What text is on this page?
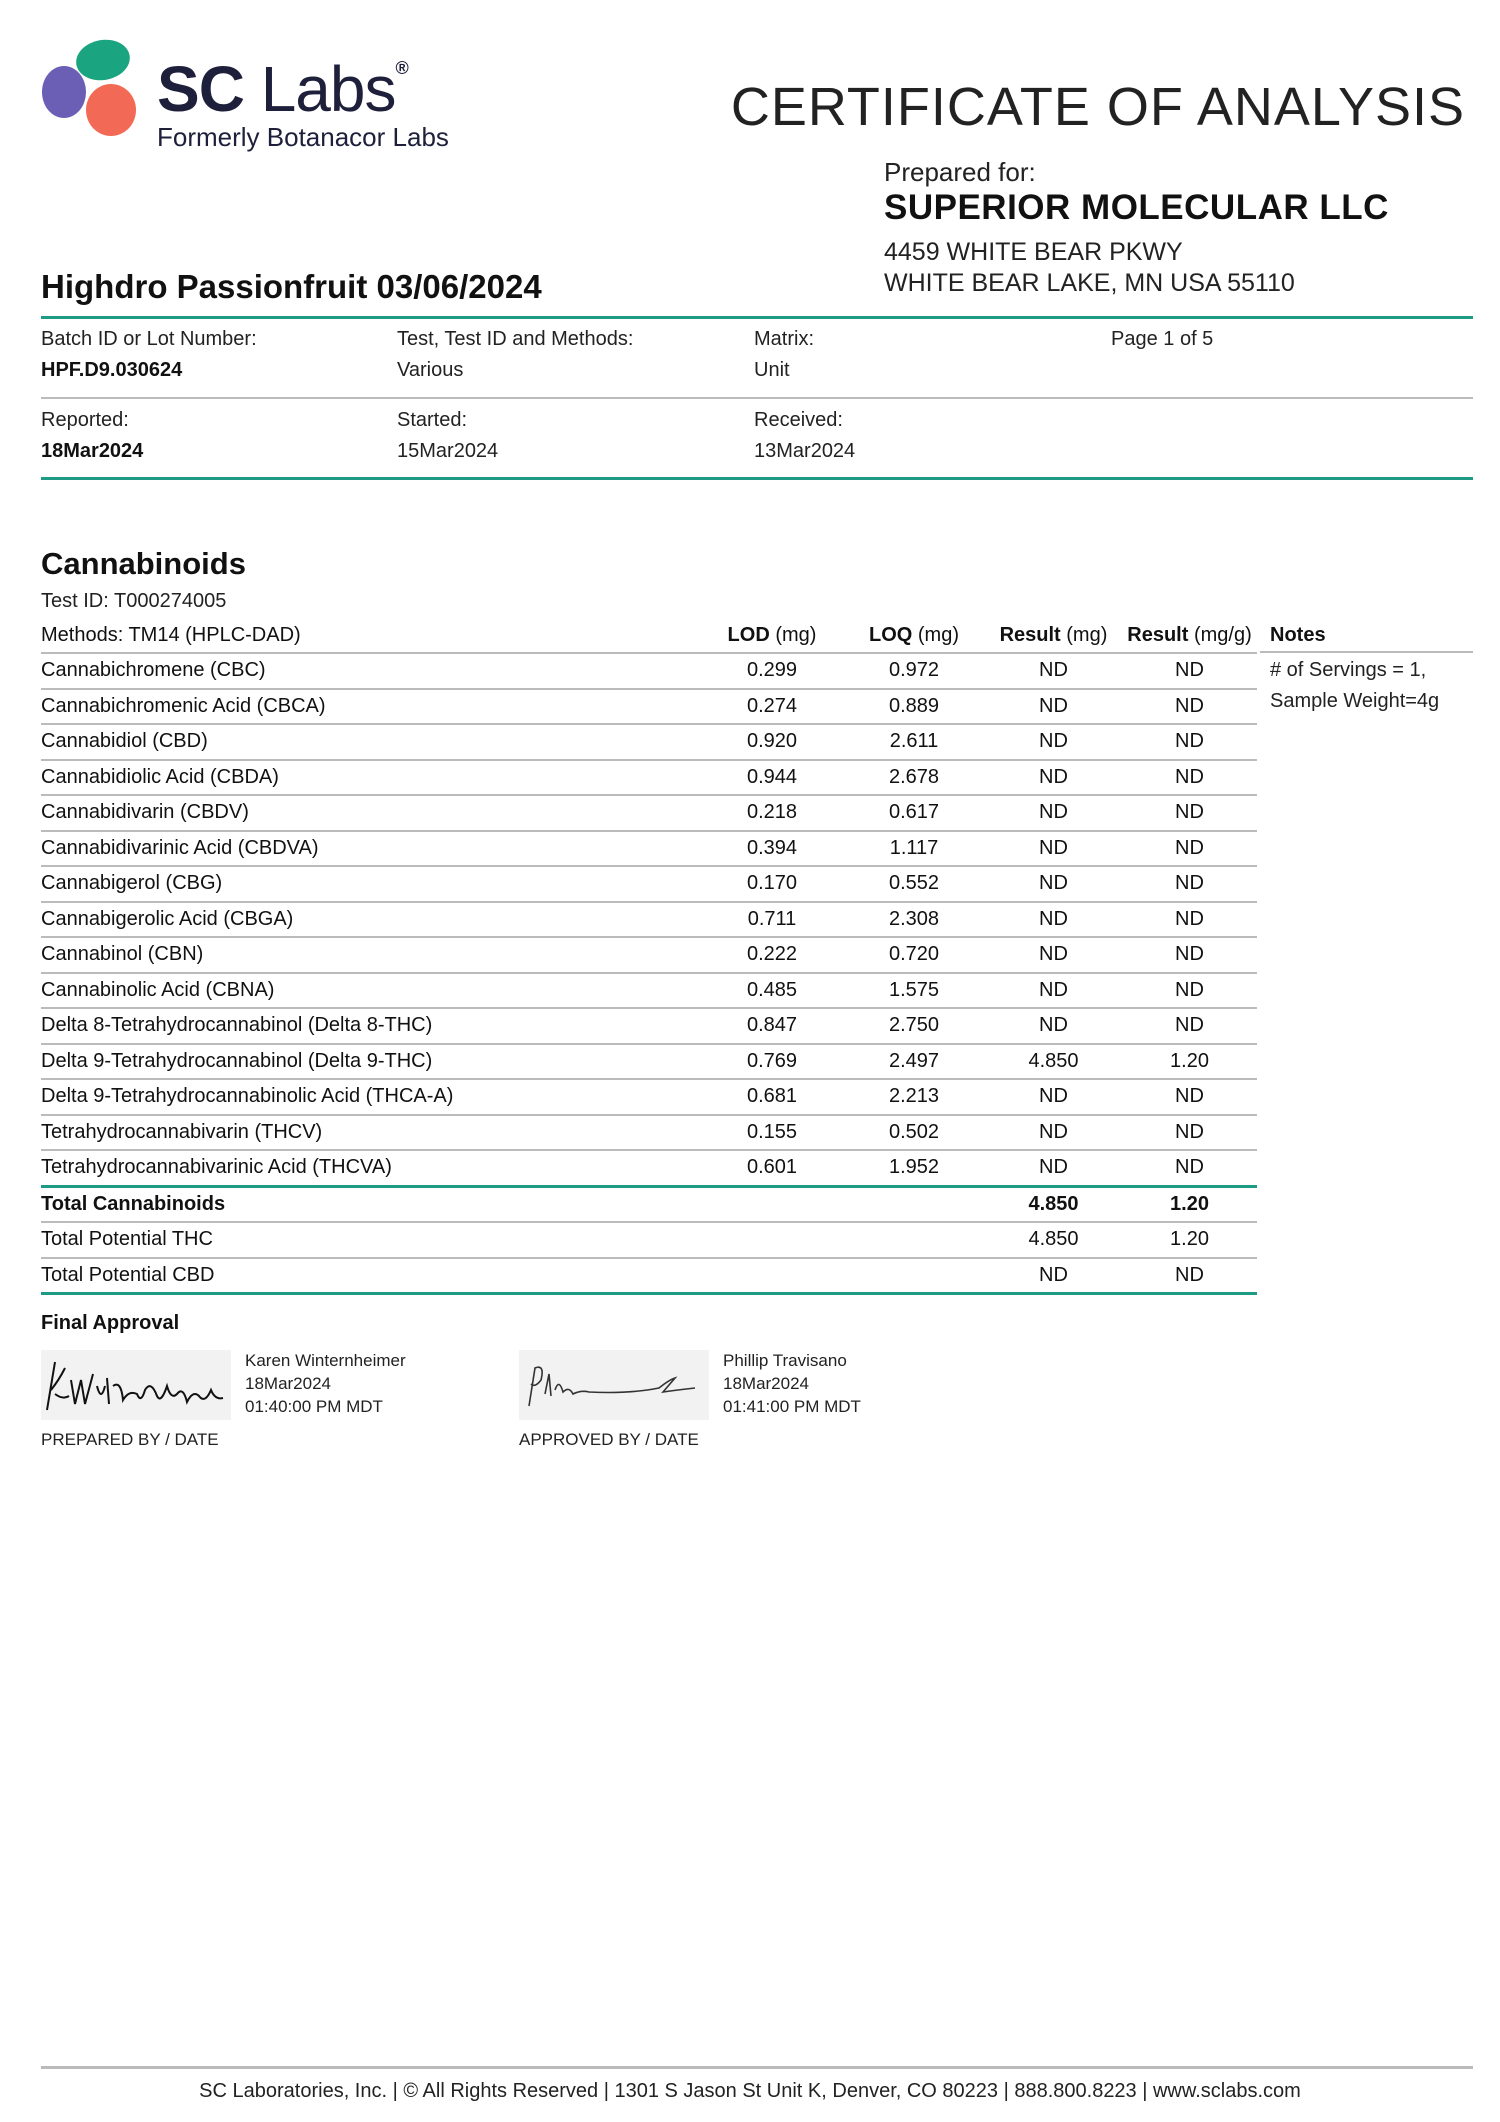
SC Labs®
Formerly Botanacor Labs	CERTIFICATE OF ANALYSIS
Prepared for:
SUPERIOR MOLECULAR LLC
4459 WHITE BEAR PKWY
WHITE BEAR LAKE, MN USA 55110
Highdro Passionfruit 03/06/2024
Batch ID or Lot Number:
HPF.D9.030624
Test, Test ID and Methods:
Various
Matrix:
Unit
Page 1 of 5
Reported:
18Mar2024
Started:
15Mar2024
Received:
13Mar2024
Cannabinoids
Test ID: T000274005
Methods: TM14 (HPLC-DAD)	LOD (mg)	LOQ (mg)	Result (mg)	Result (mg/g)
Cannabichromene (CBC)	0.299	0.972	ND	ND
Cannabichromenic Acid (CBCA)	0.274	0.889	ND	ND
Cannabidiol (CBD)	0.920	2.611	ND	ND
Cannabidiolic Acid (CBDA)	0.944	2.678	ND	ND
Cannabidivarin (CBDV)	0.218	0.617	ND	ND
Cannabidivarinic Acid (CBDVA)	0.394	1.117	ND	ND
Cannabigerol (CBG)	0.170	0.552	ND	ND
Cannabigerolic Acid (CBGA)	0.711	2.308	ND	ND
Cannabinol (CBN)	0.222	0.720	ND	ND
Cannabinolic Acid (CBNA)	0.485	1.575	ND	ND
Delta 8-Tetrahydrocannabinol (Delta 8-THC)	0.847	2.750	ND	ND
Delta 9-Tetrahydrocannabinol (Delta 9-THC)	0.769	2.497	4.850	1.20
Delta 9-Tetrahydrocannabinolic Acid (THCA-A)	0.681	2.213	ND	ND
Tetrahydrocannabivarin (THCV)	0.155	0.502	ND	ND
Tetrahydrocannabivarinic Acid (THCVA)	0.601	1.952	ND	ND
Total Cannabinoids			4.850	1.20
Total Potential THC			4.850	1.20
Total Potential CBD			ND	ND
Notes
# of Servings = 1,
Sample Weight=4g
Final Approval
Karen Winternheimer
18Mar2024
01:40:00 PM MDT
PREPARED BY / DATE
Phillip Travisano
18Mar2024
01:41:00 PM MDT
APPROVED BY / DATE
SC Laboratories, Inc. | © All Rights Reserved | 1301 S Jason St Unit K, Denver, CO 80223 | 888.800.8223 | www.sclabs.com
